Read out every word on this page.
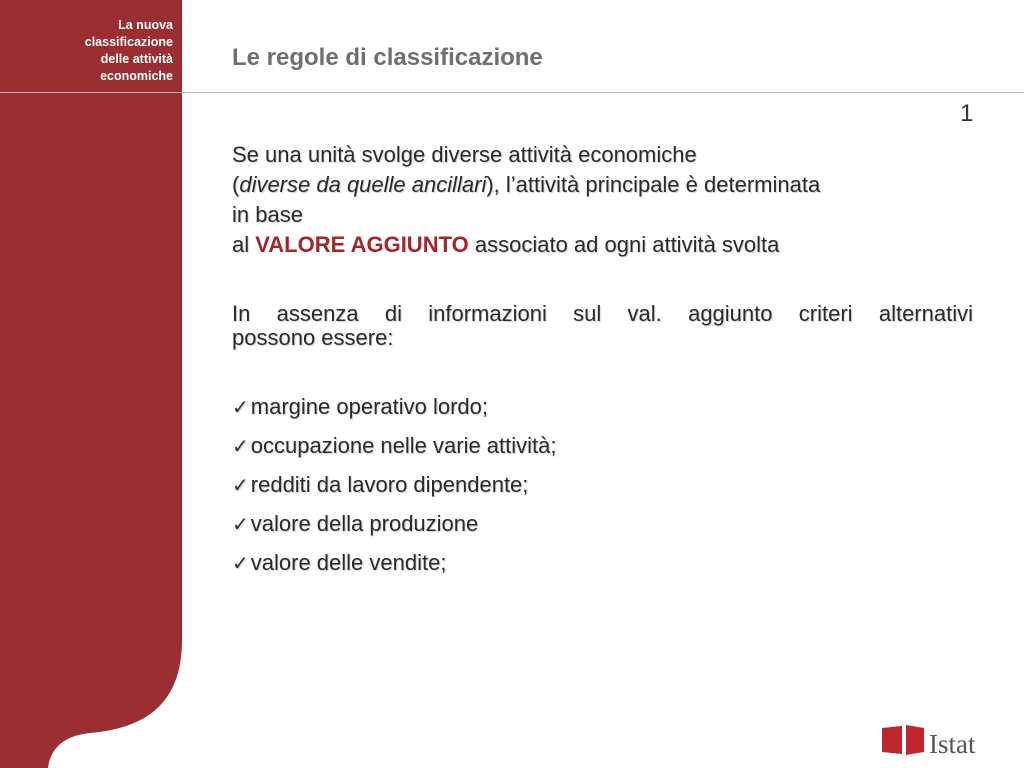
La nuova
classificazione
delle attività
economiche
Le regole di classificazione
1
Se una unità svolge diverse attività economiche
(diverse da quelle ancillari), l’attività principale è determinata
in base
al VALORE AGGIUNTO associato ad ogni attività svolta
In assenza di informazioni sul val. aggiunto criteri alternativi
possono essere:
✓ margine operativo lordo;
✓ occupazione nelle varie attività;
✓ redditi da lavoro dipendente;
✓ valore della produzione
✓ valore delle vendite;
Istat
